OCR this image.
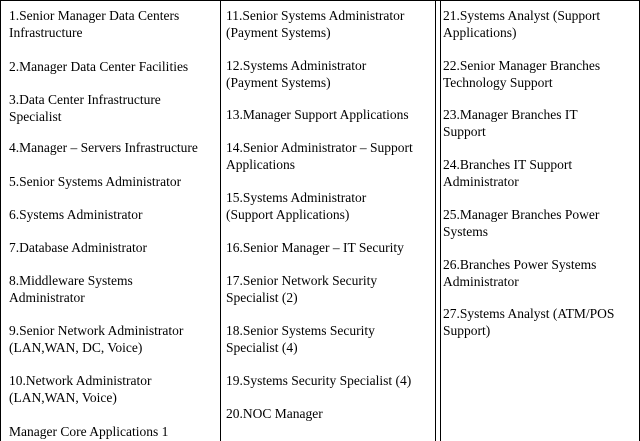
1.Senior Manager Data Centers
Infrastructure

2.Manager Data Center Facilities

3.Data Center Infrastructure
Specialist

4.Manager – Servers Infrastructure

5.Senior Systems Administrator

6.Systems Administrator

7.Database Administrator

8.Middleware Systems
Administrator

9.Senior Network Administrator
(LAN,WAN, DC, Voice)

10.Network Administrator
(LAN,WAN, Voice)

Manager Core Applications 1

11.Senior Systems Administrator
(Payment Systems)

12.Systems Administrator
(Payment Systems)

13.Manager Support Applications

14.Senior Administrator – Support
Applications

15.Systems Administrator
(Support Applications)

16.Senior Manager – IT Security

17.Senior Network Security
Specialist (2)

18.Senior Systems Security
Specialist (4)

19.Systems Security Specialist (4)

20.NOC Manager

21.Systems Analyst (Support
Applications)

22.Senior Manager Branches
Technology Support

23.Manager Branches IT
Support

24.Branches IT Support
Administrator

25.Manager Branches Power
Systems

26.Branches Power Systems
Administrator

27.Systems Analyst (ATM/POS
Support)
